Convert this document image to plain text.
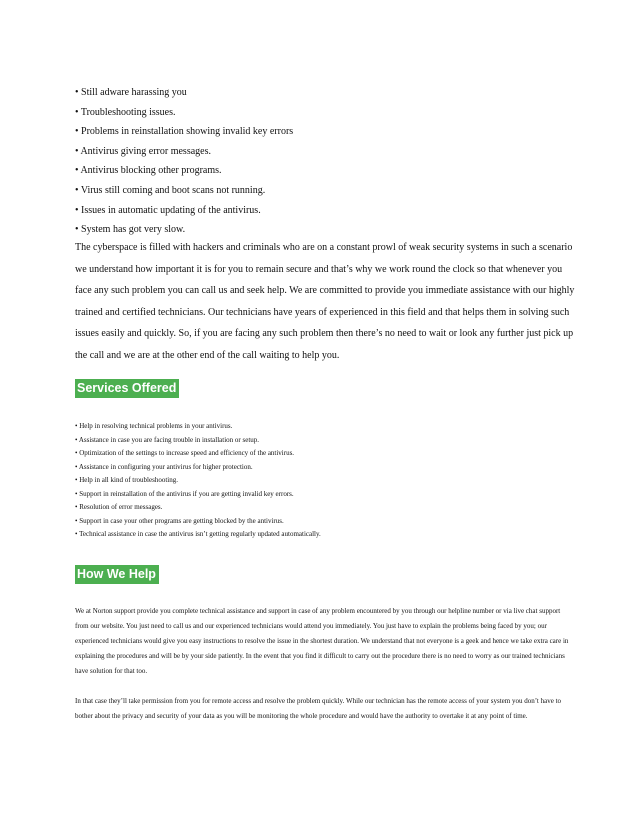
• Still adware harassing you
• Troubleshooting issues.
• Problems in reinstallation showing invalid key errors
• Antivirus giving error messages.
• Antivirus blocking other programs.
• Virus still coming and boot scans not running.
• Issues in automatic updating of the antivirus.
• System has got very slow.

The cyberspace is filled with hackers and criminals who are on a constant prowl of weak security systems in such a scenario we understand how important it is for you to remain secure and that’s why we work round the clock so that whenever you face any such problem you can call us and seek help. We are committed to provide you immediate assistance with our highly trained and certified technicians. Our technicians have years of experienced in this field and that helps them in solving such issues easily and quickly. So, if you are facing any such problem then there’s no need to wait or look any further just pick up the call and we are at the other end of the call waiting to help you.

Services Offered
• Help in resolving technical problems in your antivirus.
• Assistance in case you are facing trouble in installation or setup.
• Optimization of the settings to increase speed and efficiency of the antivirus.
• Assistance in configuring your antivirus for higher protection.
• Help in all kind of troubleshooting.
• Support in reinstallation of the antivirus if you are getting invalid key errors.
• Resolution of error messages.
• Support in case your other programs are getting blocked by the antivirus.
• Technical assistance in case the antivirus isn’t getting regularly updated automatically.
How We Help

We at Norton support provide you complete technical assistance and support in case of any problem encountered by you through our helpline number or via live chat support from our website. You just need to call us and our experienced technicians would attend you immediately. You just have to explain the problems being faced by you; our experienced technicians would give you easy instructions to resolve the issue in the shortest duration. We understand that not everyone is a geek and hence we take extra care in explaining the procedures and will be by your side patiently. In the event that you find it difficult to carry out the procedure there is no need to worry as our trained technicians have solution for that too.

In that case they’ll take permission from you for remote access and resolve the problem quickly. While our technician has the remote access of your system you don’t have to bother about the privacy and security of your data as you will be monitoring the whole procedure and would have the authority to overtake it at any point of time.
